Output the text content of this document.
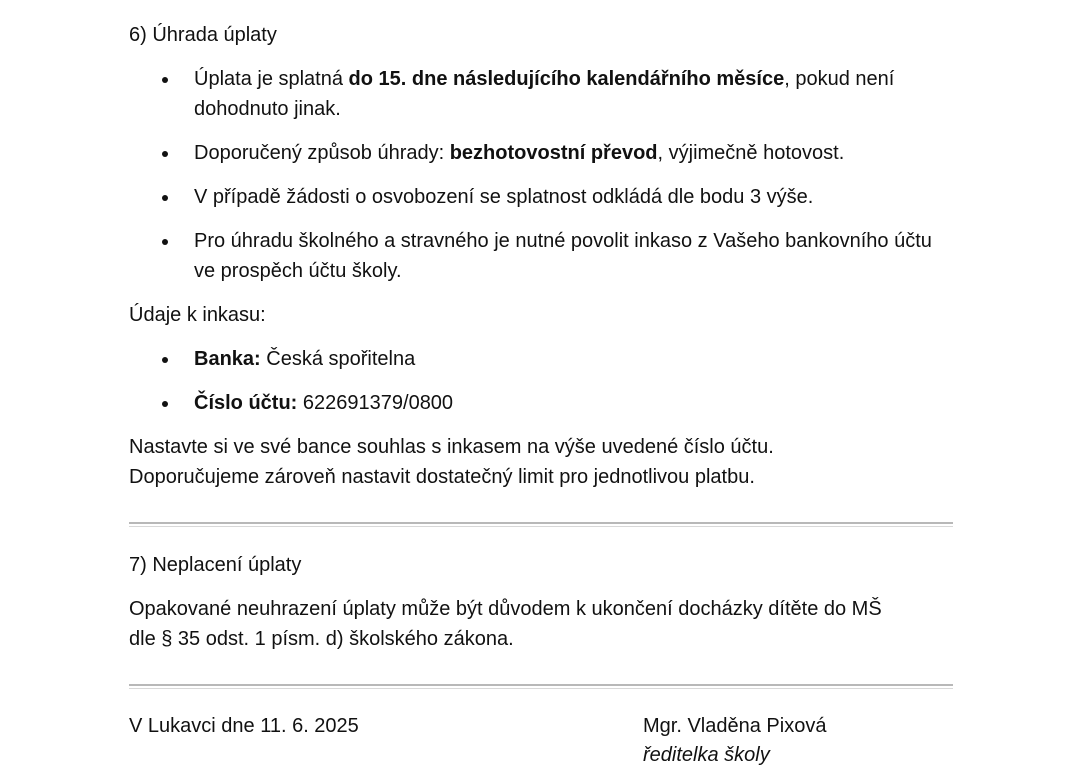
6) Úhrada úplaty
Úplata je splatná do 15. dne následujícího kalendářního měsíce, pokud není dohodnuto jinak.
Doporučený způsob úhrady: bezhotovostní převod, výjimečně hotovost.
V případě žádosti o osvobození se splatnost odkládá dle bodu 3 výše.
Pro úhradu školného a stravného je nutné povolit inkaso z Vašeho bankovního účtu ve prospěch účtu školy.
Údaje k inkasu:
Banka: Česká spořitelna
Číslo účtu: 622691379/0800
Nastavte si ve své bance souhlas s inkasem na výše uvedené číslo účtu.
Doporučujeme zároveň nastavit dostatečný limit pro jednotlivou platbu.
7) Neplacení úplaty
Opakované neuhrazení úplaty může být důvodem k ukončení docházky dítěte do MŠ
dle § 35 odst. 1 písm. d) školského zákona.
V Lukavci dne 11. 6. 2025	Mgr. Vladěna Pixová
ředitelka školy
